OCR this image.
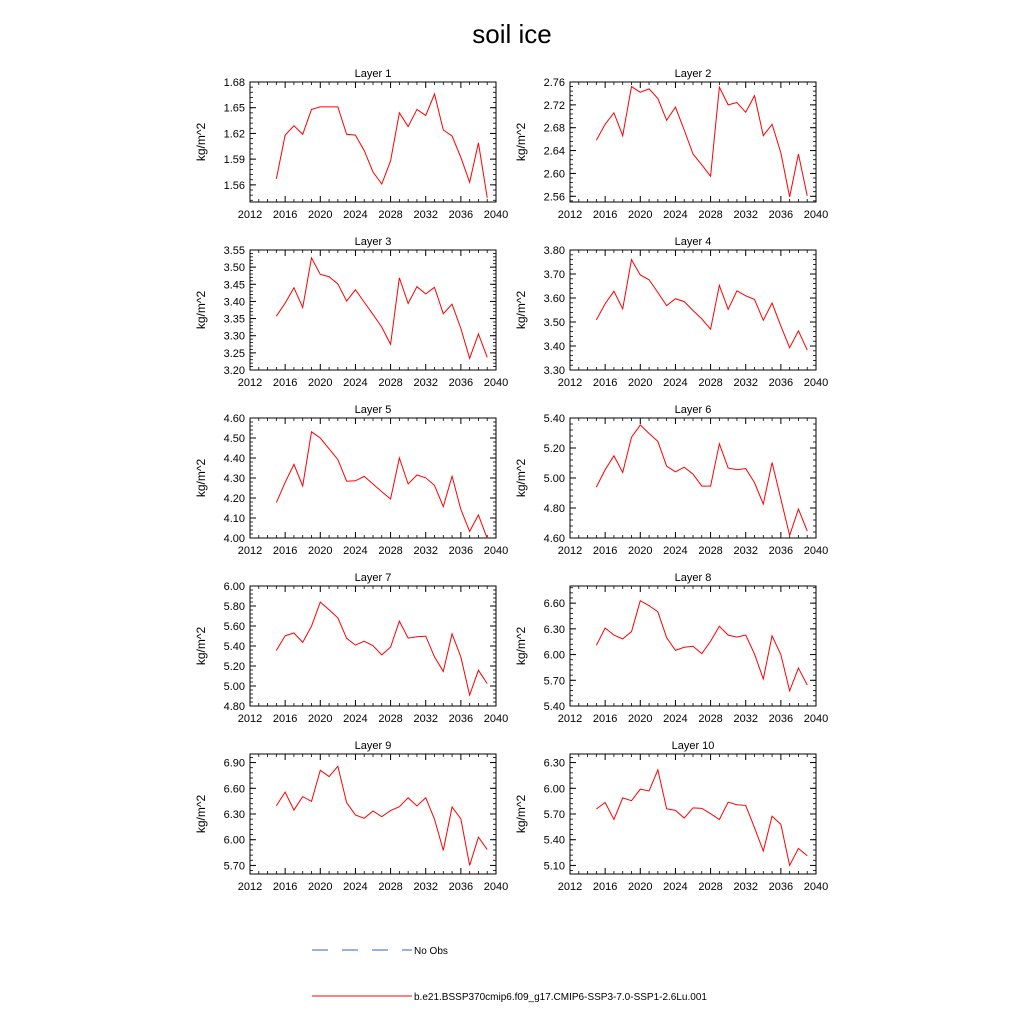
soil ice
Layer 1
2012 2016 2020 2024 2028 2032 2036 2040
1.56
1.59
1.62
1.65
1.68
kg/m^2
Layer 2
2012 2016 2020 2024 2028 2032 2036 2040
2.56
2.60
2.64
2.68
2.72
2.76
kg/m^2
Layer 3
2012 2016 2020 2024 2028 2032 2036 2040
3.20
3.25
3.30
3.35
3.40
3.45
3.50
3.55
kg/m^2
Layer 4
2012 2016 2020 2024 2028 2032 2036 2040
3.30
3.40
3.50
3.60
3.70
3.80
kg/m^2
Layer 5
2012 2016 2020 2024 2028 2032 2036 2040
4.00
4.10
4.20
4.30
4.40
4.50
4.60
kg/m^2
Layer 6
2012 2016 2020 2024 2028 2032 2036 2040
4.60
4.80
5.00
5.20
5.40
kg/m^2
Layer 7
2012 2016 2020 2024 2028 2032 2036 2040
4.80
5.00
5.20
5.40
5.60
5.80
6.00
kg/m^2
Layer 8
2012 2016 2020 2024 2028 2032 2036 2040
5.40
5.70
6.00
6.30
6.60
kg/m^2
Layer 9
2012 2016 2020 2024 2028 2032 2036 2040
5.70
6.00
6.30
6.60
6.90
kg/m^2
Layer 10
2012 2016 2020 2024 2028 2032 2036 2040
5.10
5.40
5.70
6.00
6.30
kg/m^2
No Obs
b.e21.BSSP370cmip6.f09_g17.CMIP6-SSP3-7.0-SSP1-2.6Lu.001
